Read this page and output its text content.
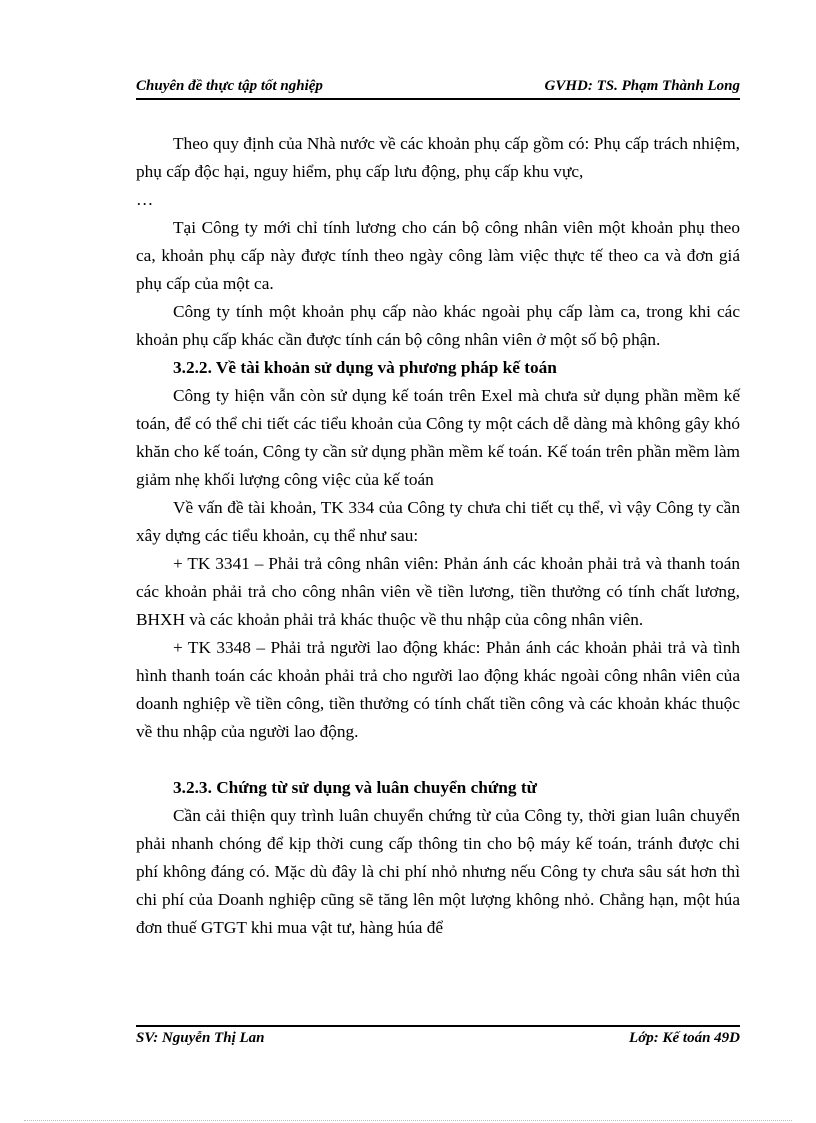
Chuyên đề thực tập tốt nghiệp	GVHD: TS. Phạm Thành Long

Theo quy định của Nhà nước về các khoản phụ cấp gồm có: Phụ cấp trách nhiệm, phụ cấp độc hại, nguy hiểm, phụ cấp lưu động, phụ cấp khu vực,

…

Tại Công ty mới chỉ tính lương cho cán bộ công nhân viên một khoản phụ theo ca, khoản phụ cấp này được tính theo ngày công làm việc thực tế theo ca và đơn giá phụ cấp của một ca.

Công ty tính một khoản phụ cấp nào khác ngoài phụ cấp làm ca, trong khi các khoản phụ cấp khác cần được tính cán bộ công nhân viên ở một số bộ phận.

3.2.2. Về tài khoản sử dụng và phương pháp kế toán

Công ty hiện vẫn còn sử dụng kế toán trên Exel mà chưa sử dụng phần mềm kế toán, để có thể chi tiết các tiểu khoản của Công ty một cách dễ dàng mà không gây khó khăn cho kế toán, Công ty cần sử dụng phần mềm kế toán. Kế toán trên phần mềm làm giảm nhẹ khối lượng công việc của kế toán

Về vấn đề tài khoản, TK 334 của Công ty chưa chi tiết cụ thể, vì vậy Công ty cần xây dựng các tiểu khoản, cụ thể như sau:

+ TK 3341 – Phải trả công nhân viên: Phản ánh các khoản phải trả và thanh toán các khoản phải trả cho công nhân viên về tiền lương, tiền thưởng có tính chất lương, BHXH và các khoản phải trả khác thuộc về thu nhập của công nhân viên.

+ TK 3348 – Phải trả người lao động khác: Phản ánh các khoản phải trả và tình hình thanh toán các khoản phải trả cho người lao động khác ngoài công nhân viên của doanh nghiệp về tiền công, tiền thưởng có tính chất tiền công và các khoản khác thuộc về thu nhập của người lao động.

3.2.3. Chứng từ sử dụng và luân chuyển chứng từ

Cần cải thiện quy trình luân chuyển chứng từ của Công ty, thời gian luân chuyển phải nhanh chóng để kịp thời cung cấp thông tin cho bộ máy kế toán, tránh được chi phí không đáng có. Mặc dù đây là chi phí nhỏ nhưng nếu Công ty chưa sâu sát hơn thì chi phí của Doanh nghiệp cũng sẽ tăng lên một lượng không nhỏ. Chẳng hạn, một húa đơn thuế GTGT khi mua vật tư, hàng húa để

SV: Nguyễn Thị Lan	Lớp: Kế toán 49D
